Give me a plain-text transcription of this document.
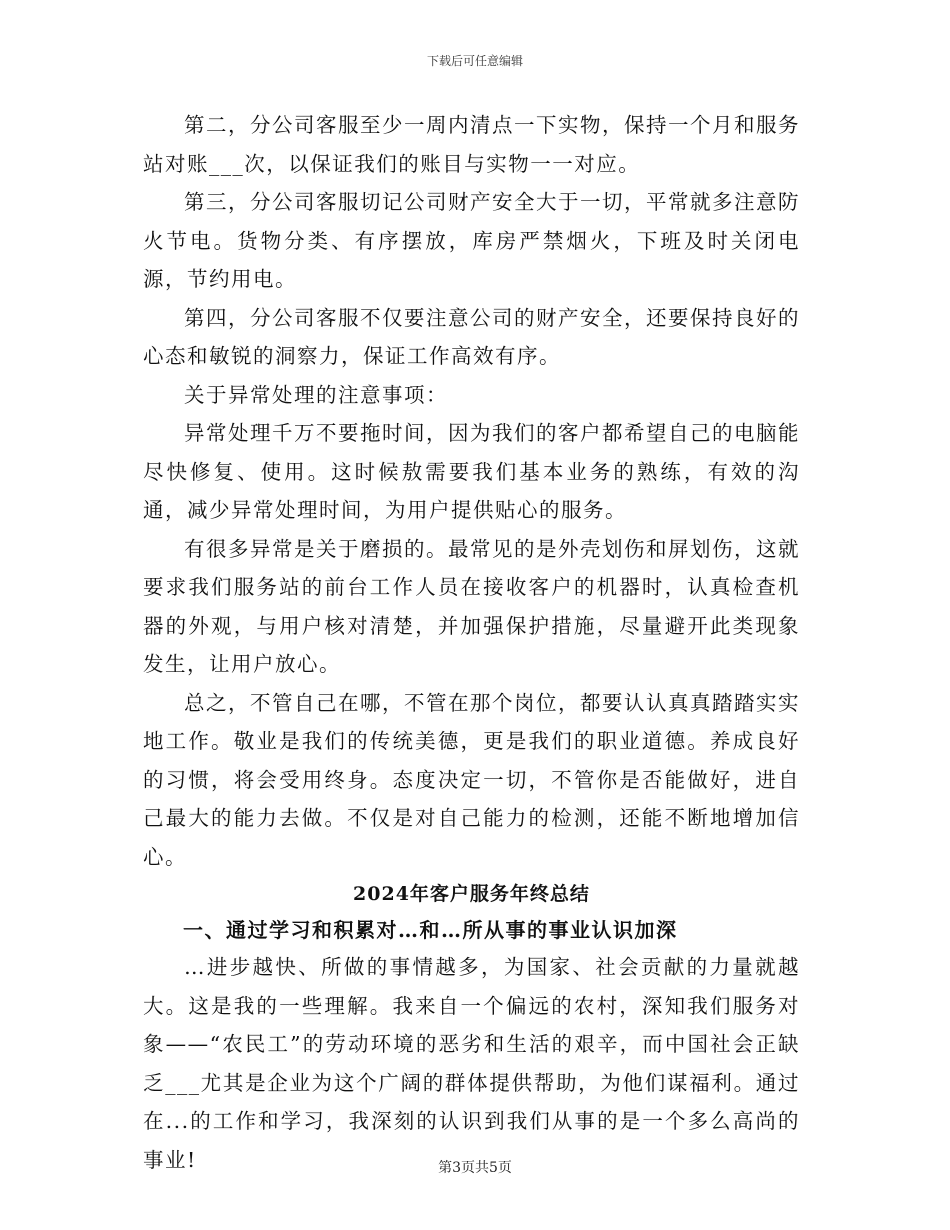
下载后可任意编辑

第二，分公司客服至少一周内清点一下实物，保持一个月和服务站对账___次，以保证我们的账目与实物一一对应。

第三，分公司客服切记公司财产安全大于一切，平常就多注意防火节电。货物分类、有序摆放，库房严禁烟火，下班及时关闭电源，节约用电。

第四，分公司客服不仅要注意公司的财产安全，还要保持良好的心态和敏锐的洞察力，保证工作高效有序。

关于异常处理的注意事项：

异常处理千万不要拖时间，因为我们的客户都希望自己的电脑能尽快修复、使用。这时候敖需要我们基本业务的熟练，有效的沟通，减少异常处理时间，为用户提供贴心的服务。

有很多异常是关于磨损的。最常见的是外壳划伤和屏划伤，这就要求我们服务站的前台工作人员在接收客户的机器时，认真检查机器的外观，与用户核对清楚，并加强保护措施，尽量避开此类现象发生，让用户放心。

总之，不管自己在哪，不管在那个岗位，都要认认真真踏踏实实地工作。敬业是我们的传统美德，更是我们的职业道德。养成良好的习惯，将会受用终身。态度决定一切，不管你是否能做好，进自己最大的能力去做。不仅是对自己能力的检测，还能不断地增加信心。

2024年客户服务年终总结

一、通过学习和积累对…和…所从事的事业认识加深

…进步越快、所做的事情越多，为国家、社会贡献的力量就越大。这是我的一些理解。我来自一个偏远的农村，深知我们服务对象——“农民工”的劳动环境的恶劣和生活的艰辛，而中国社会正缺乏___尤其是企业为这个广阔的群体提供帮助，为他们谋福利。通过在...的工作和学习，我深刻的认识到我们从事的是一个多么高尚的事业!	第3页共5页
